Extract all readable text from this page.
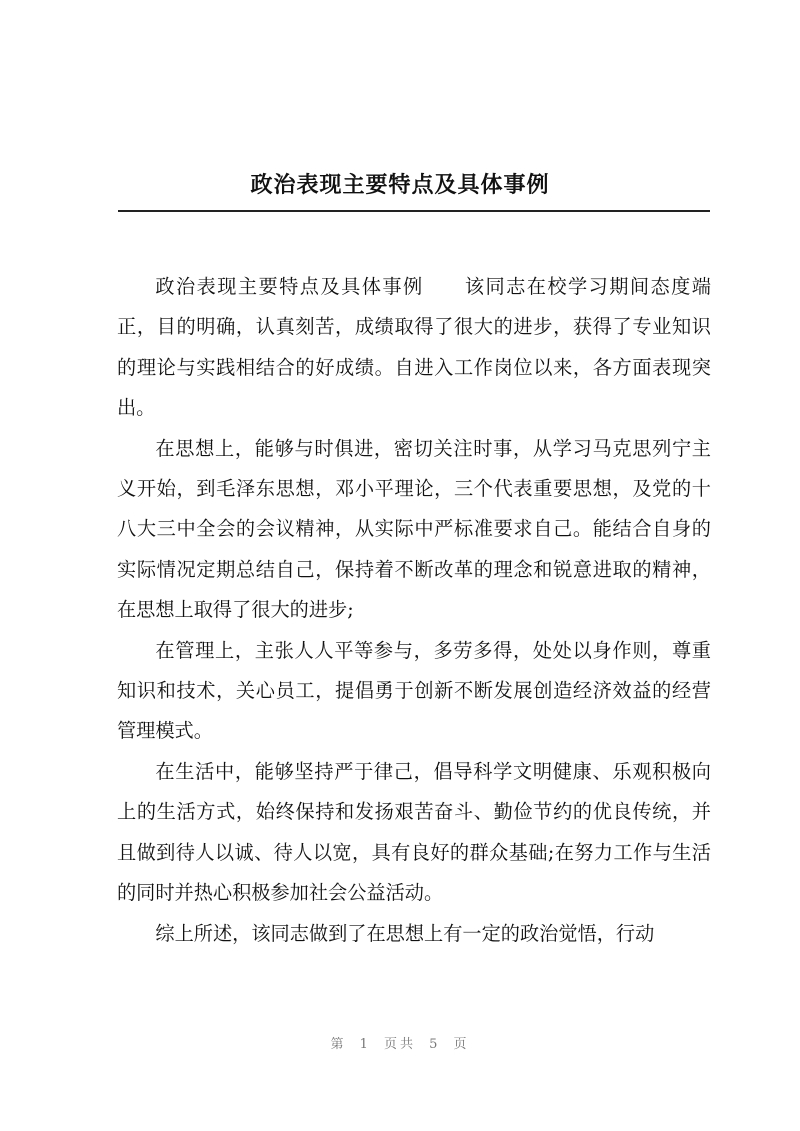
政治表现主要特点及具体事例

政治表现主要特点及具体事例　　该同志在校学习期间态度端正，目的明确，认真刻苦，成绩取得了很大的进步，获得了专业知识的理论与实践相结合的好成绩。自进入工作岗位以来，各方面表现突出。

在思想上，能够与时俱进，密切关注时事，从学习马克思列宁主义开始，到毛泽东思想，邓小平理论，三个代表重要思想，及党的十八大三中全会的会议精神，从实际中严标准要求自己。能结合自身的实际情况定期总结自己，保持着不断改革的理念和锐意进取的精神，在思想上取得了很大的进步;

在管理上，主张人人平等参与，多劳多得，处处以身作则，尊重知识和技术，关心员工，提倡勇于创新不断发展创造经济效益的经营管理模式。

在生活中，能够坚持严于律己，倡导科学文明健康、乐观积极向上的生活方式，始终保持和发扬艰苦奋斗、勤俭节约的优良传统，并且做到待人以诚、待人以宽，具有良好的群众基础;在努力工作与生活的同时并热心积极参加社会公益活动。

综上所述，该同志做到了在思想上有一定的政治觉悟，行动

第 1 页共 5 页
